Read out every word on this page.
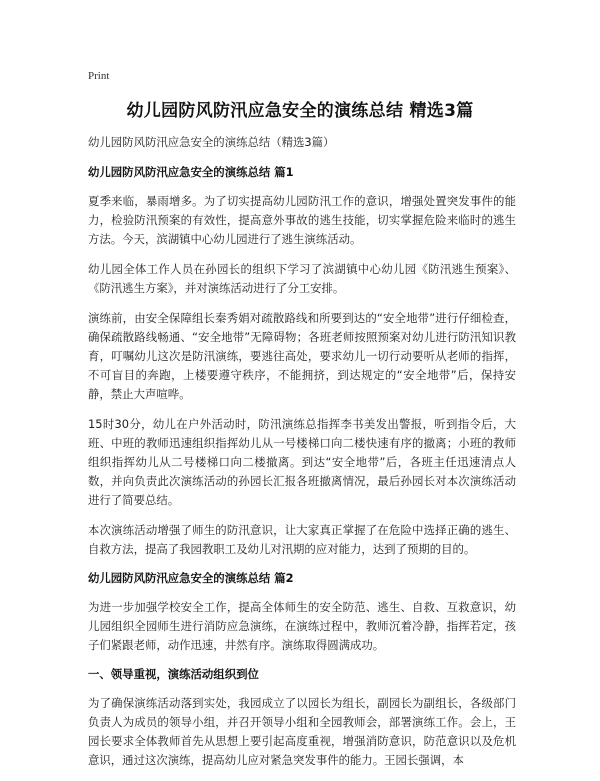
Print
幼儿园防风防汛应急安全的演练总结 精选3篇
幼儿园防风防汛应急安全的演练总结（精选3篇）
幼儿园防风防汛应急安全的演练总结 篇1

夏季来临，暴雨增多。为了切实提高幼儿园防汛工作的意识，增强处置突发事件的能力，检验防汛预案的有效性，提高意外事故的逃生技能，切实掌握危险来临时的逃生方法。今天，滨湖镇中心幼儿园进行了逃生演练活动。

幼儿园全体工作人员在孙园长的组织下学习了滨湖镇中心幼儿园《防汛逃生预案》、《防汛逃生方案》，并对演练活动进行了分工安排。

演练前，由安全保障组长秦秀娟对疏散路线和所要到达的“安全地带”进行仔细检查，确保疏散路线畅通、“安全地带”无障碍物；各班老师按照预案对幼儿进行防汛知识教育，叮嘱幼儿这次是防汛演练，要逃往高处，要求幼儿一切行动要听从老师的指挥，不可盲目的奔跑，上楼要遵守秩序，不能拥挤，到达规定的“安全地带”后，保持安静，禁止大声喧哗。

15时30分，幼儿在户外活动时，防汛演练总指挥李书美发出警报，听到指令后，大班、中班的教师迅速组织指挥幼儿从一号楼梯口向二楼快速有序的撤离；小班的教师组织指挥幼儿从二号楼梯口向二楼撤离。到达“安全地带”后，各班主任迅速清点人数，并向负责此次演练活动的孙园长汇报各班撤离情况，最后孙园长对本次演练活动进行了简要总结。

本次演练活动增强了师生的防汛意识，让大家真正掌握了在危险中选择正确的逃生、自救方法，提高了我园教职工及幼儿对汛期的应对能力，达到了预期的目的。

幼儿园防风防汛应急安全的演练总结 篇2

为进一步加强学校安全工作，提高全体师生的安全防范、逃生、自救、互救意识，幼儿园组织全园师生进行消防应急演练，在演练过程中，教师沉着冷静，指挥若定，孩子们紧跟老师，动作迅速，井然有序。演练取得圆满成功。

一、领导重视，演练活动组织到位

为了确保演练活动落到实处，我园成立了以园长为组长，副园长为副组长，各级部门负责人为成员的领导小组，并召开领导小组和全园教师会，部署演练工作。会上，王园长要求全体教师首先从思想上要引起高度重视，增强消防意识，防范意识以及危机意识，通过这次演练，提高幼儿应对紧急突发事件的能力。王园长强调，本
